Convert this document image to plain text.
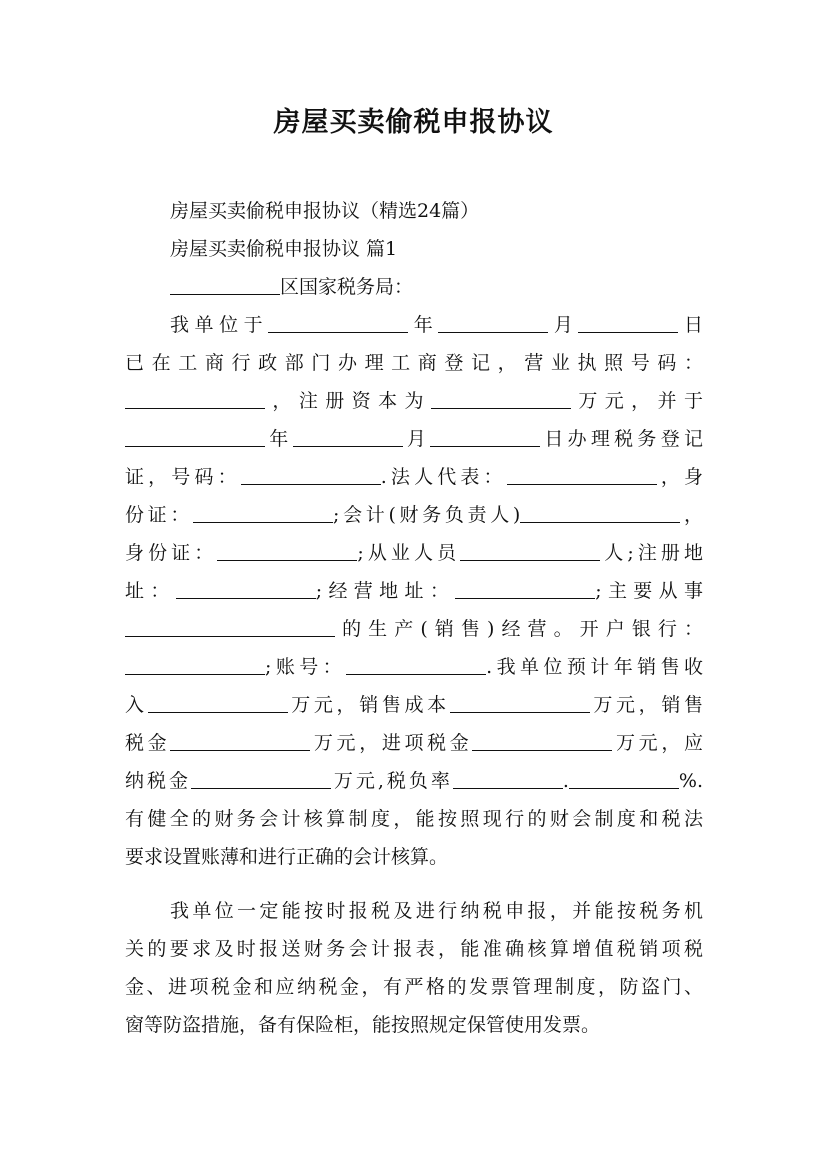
房屋买卖偷税申报协议
房屋买卖偷税申报协议（精选24篇）
房屋买卖偷税申报协议 篇1
区国家税务局：
我单位于	年	月	日
已在工商行政部门办理工商登记，营业执照号码：
，注册资本为	万元，并于
年	月	日办理税务登记
证，号码：	.法人代表：	，身
份证：	;会计(财务负责人)	，
身份证：	;从业人员	人;注册地
址：	;经营地址：	;主要从事
的生产(销售)经营。开户银行：
;账号：	.我单位预计年销售收
入	万元，销售成本	万元，销售
税金	万元，进项税金	万元，应
纳税金	万元,税负率	.	%.
有健全的财务会计核算制度，能按照现行的财会制度和税法
要求设置账薄和进行正确的会计核算。
我单位一定能按时报税及进行纳税申报，并能按税务机
关的要求及时报送财务会计报表，能准确核算增值税销项税
金、进项税金和应纳税金，有严格的发票管理制度，防盗门、
窗等防盗措施，备有保险柜，能按照规定保管使用发票。
